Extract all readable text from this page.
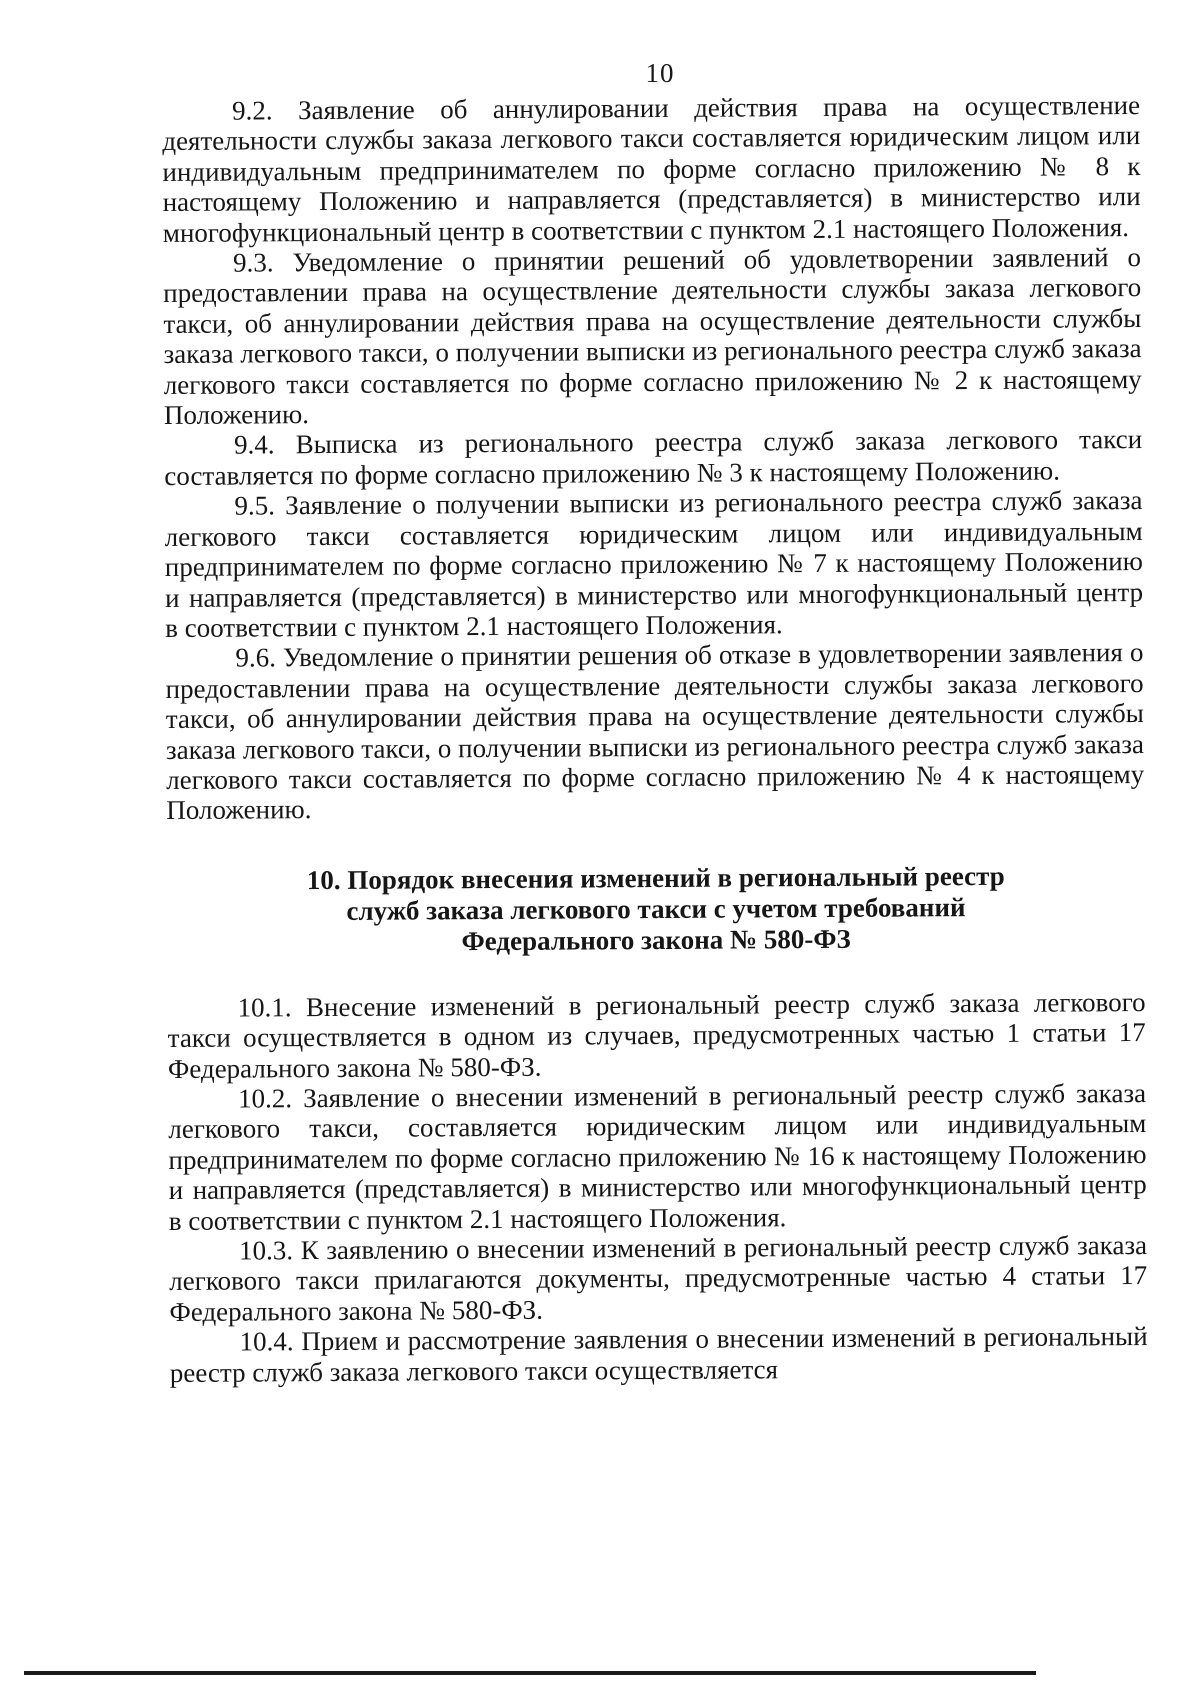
10

9.2. Заявление об аннулировании действия права на осуществление деятельности службы заказа легкового такси составляется юридическим лицом или индивидуальным предпринимателем по форме согласно приложению № 8 к настоящему Положению и направляется (представляется) в министерство или многофункциональный центр в соответствии с пунктом 2.1 настоящего Положения.

9.3. Уведомление о принятии решений об удовлетворении заявлений о предоставлении права на осуществление деятельности службы заказа легкового такси, об аннулировании действия права на осуществление деятельности службы заказа легкового такси, о получении выписки из регионального реестра служб заказа легкового такси составляется по форме согласно приложению № 2 к настоящему Положению.

9.4. Выписка из регионального реестра служб заказа легкового такси составляется по форме согласно приложению № 3 к настоящему Положению.

9.5. Заявление о получении выписки из регионального реестра служб заказа легкового такси составляется юридическим лицом или индивидуальным предпринимателем по форме согласно приложению № 7 к настоящему Положению и направляется (представляется) в министерство или многофункциональный центр в соответствии с пунктом 2.1 настоящего Положения.

9.6. Уведомление о принятии решения об отказе в удовлетворении заявления о предоставлении права на осуществление деятельности службы заказа легкового такси, об аннулировании действия права на осуществление деятельности службы заказа легкового такси, о получении выписки из регионального реестра служб заказа легкового такси составляется по форме согласно приложению № 4 к настоящему Положению.

10. Порядок внесения изменений в региональный реестр
служб заказа легкового такси с учетом требований
Федерального закона № 580-ФЗ

10.1. Внесение изменений в региональный реестр служб заказа легкового такси осуществляется в одном из случаев, предусмотренных частью 1 статьи 17 Федерального закона № 580-ФЗ.

10.2. Заявление о внесении изменений в региональный реестр служб заказа легкового такси, составляется юридическим лицом или индивидуальным предпринимателем по форме согласно приложению № 16 к настоящему Положению и направляется (представляется) в министерство или многофункциональный центр в соответствии с пунктом 2.1 настоящего Положения.

10.3. К заявлению о внесении изменений в региональный реестр служб заказа легкового такси прилагаются документы, предусмотренные частью 4 статьи 17 Федерального закона № 580-ФЗ.

10.4. Прием и рассмотрение заявления о внесении изменений в региональный реестр служб заказа легкового такси осуществляется
